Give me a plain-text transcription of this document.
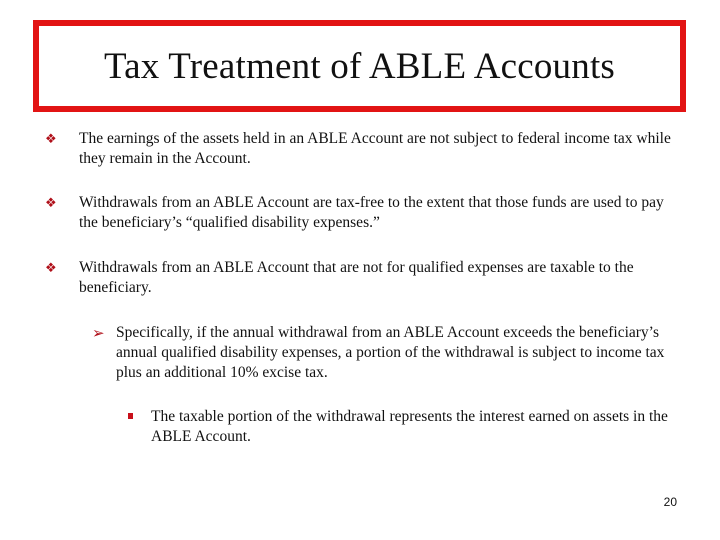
Tax Treatment of ABLE Accounts
❖ The earnings of the assets held in an ABLE Account are not subject to federal income tax while they remain in the Account.
❖ Withdrawals from an ABLE Account are tax-free to the extent that those funds are used to pay the beneficiary’s “qualified disability expenses.”
❖ Withdrawals from an ABLE Account that are not for qualified expenses are taxable to the beneficiary.
➢ Specifically, if the annual withdrawal from an ABLE Account exceeds the beneficiary’s annual qualified disability expenses, a portion of the withdrawal is subject to income tax plus an additional 10% excise tax.
The taxable portion of the withdrawal represents the interest earned on assets in the ABLE Account.
20
